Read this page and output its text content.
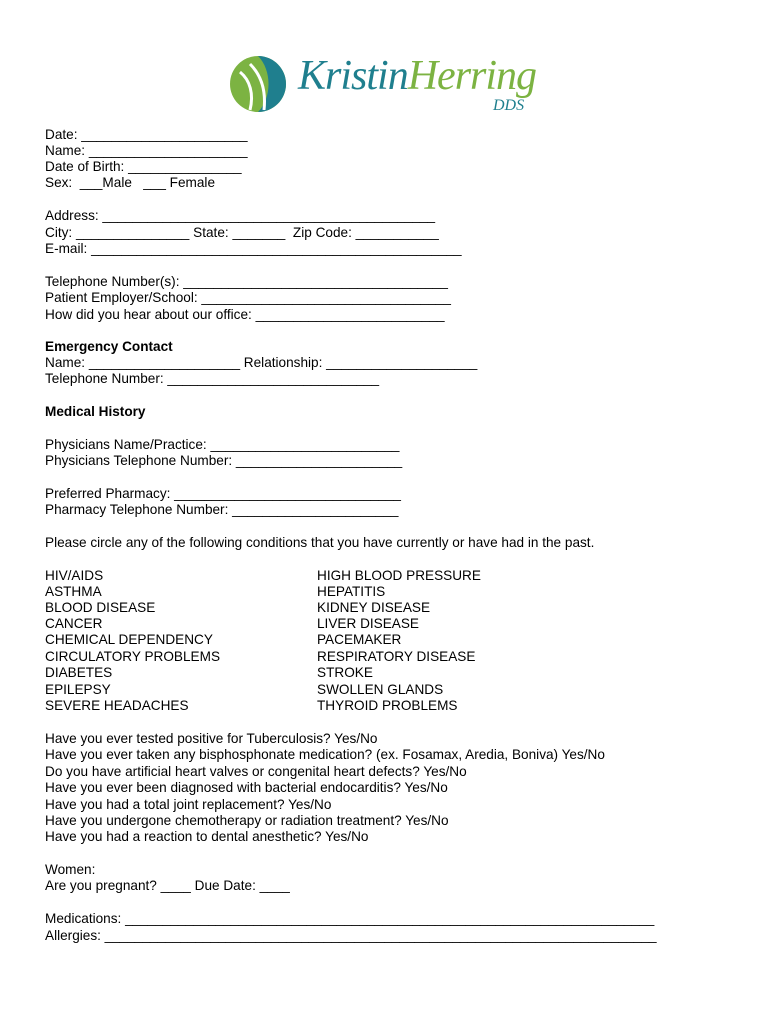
KristinHerring
DDS
Date: ______________________
Name: _____________________
Date of Birth: _______________
Sex:  ___Male   ___ Female
Address: ____________________________________________
City: _______________ State: _______  Zip Code: ___________
E-mail: _________________________________________________
Telephone Number(s): ___________________________________
Patient Employer/School: _________________________________
How did you hear about our office: _________________________
Emergency Contact
Name: ____________________ Relationship: ____________________
Telephone Number: ____________________________
Medical History
Physicians Name/Practice: _________________________
Physicians Telephone Number: ______________________
Preferred Pharmacy: ______________________________
Pharmacy Telephone Number: ______________________
Please circle any of the following conditions that you have currently or have had in the past.
HIV/AIDS
ASTHMA
BLOOD DISEASE
CANCER
CHEMICAL DEPENDENCY
CIRCULATORY PROBLEMS
DIABETES
EPILEPSY
SEVERE HEADACHES
HIGH BLOOD PRESSURE
HEPATITIS
KIDNEY DISEASE
LIVER DISEASE
PACEMAKER
RESPIRATORY DISEASE
STROKE
SWOLLEN GLANDS
THYROID PROBLEMS
Have you ever tested positive for Tuberculosis? Yes/No
Have you ever taken any bisphosphonate medication? (ex. Fosamax, Aredia, Boniva) Yes/No
Do you have artificial heart valves or congenital heart defects? Yes/No
Have you ever been diagnosed with bacterial endocarditis? Yes/No
Have you had a total joint replacement? Yes/No
Have you undergone chemotherapy or radiation treatment? Yes/No
Have you had a reaction to dental anesthetic? Yes/No
Women:
Are you pregnant? ____ Due Date: ____
Medications: ______________________________________________________________________
Allergies: _________________________________________________________________________
